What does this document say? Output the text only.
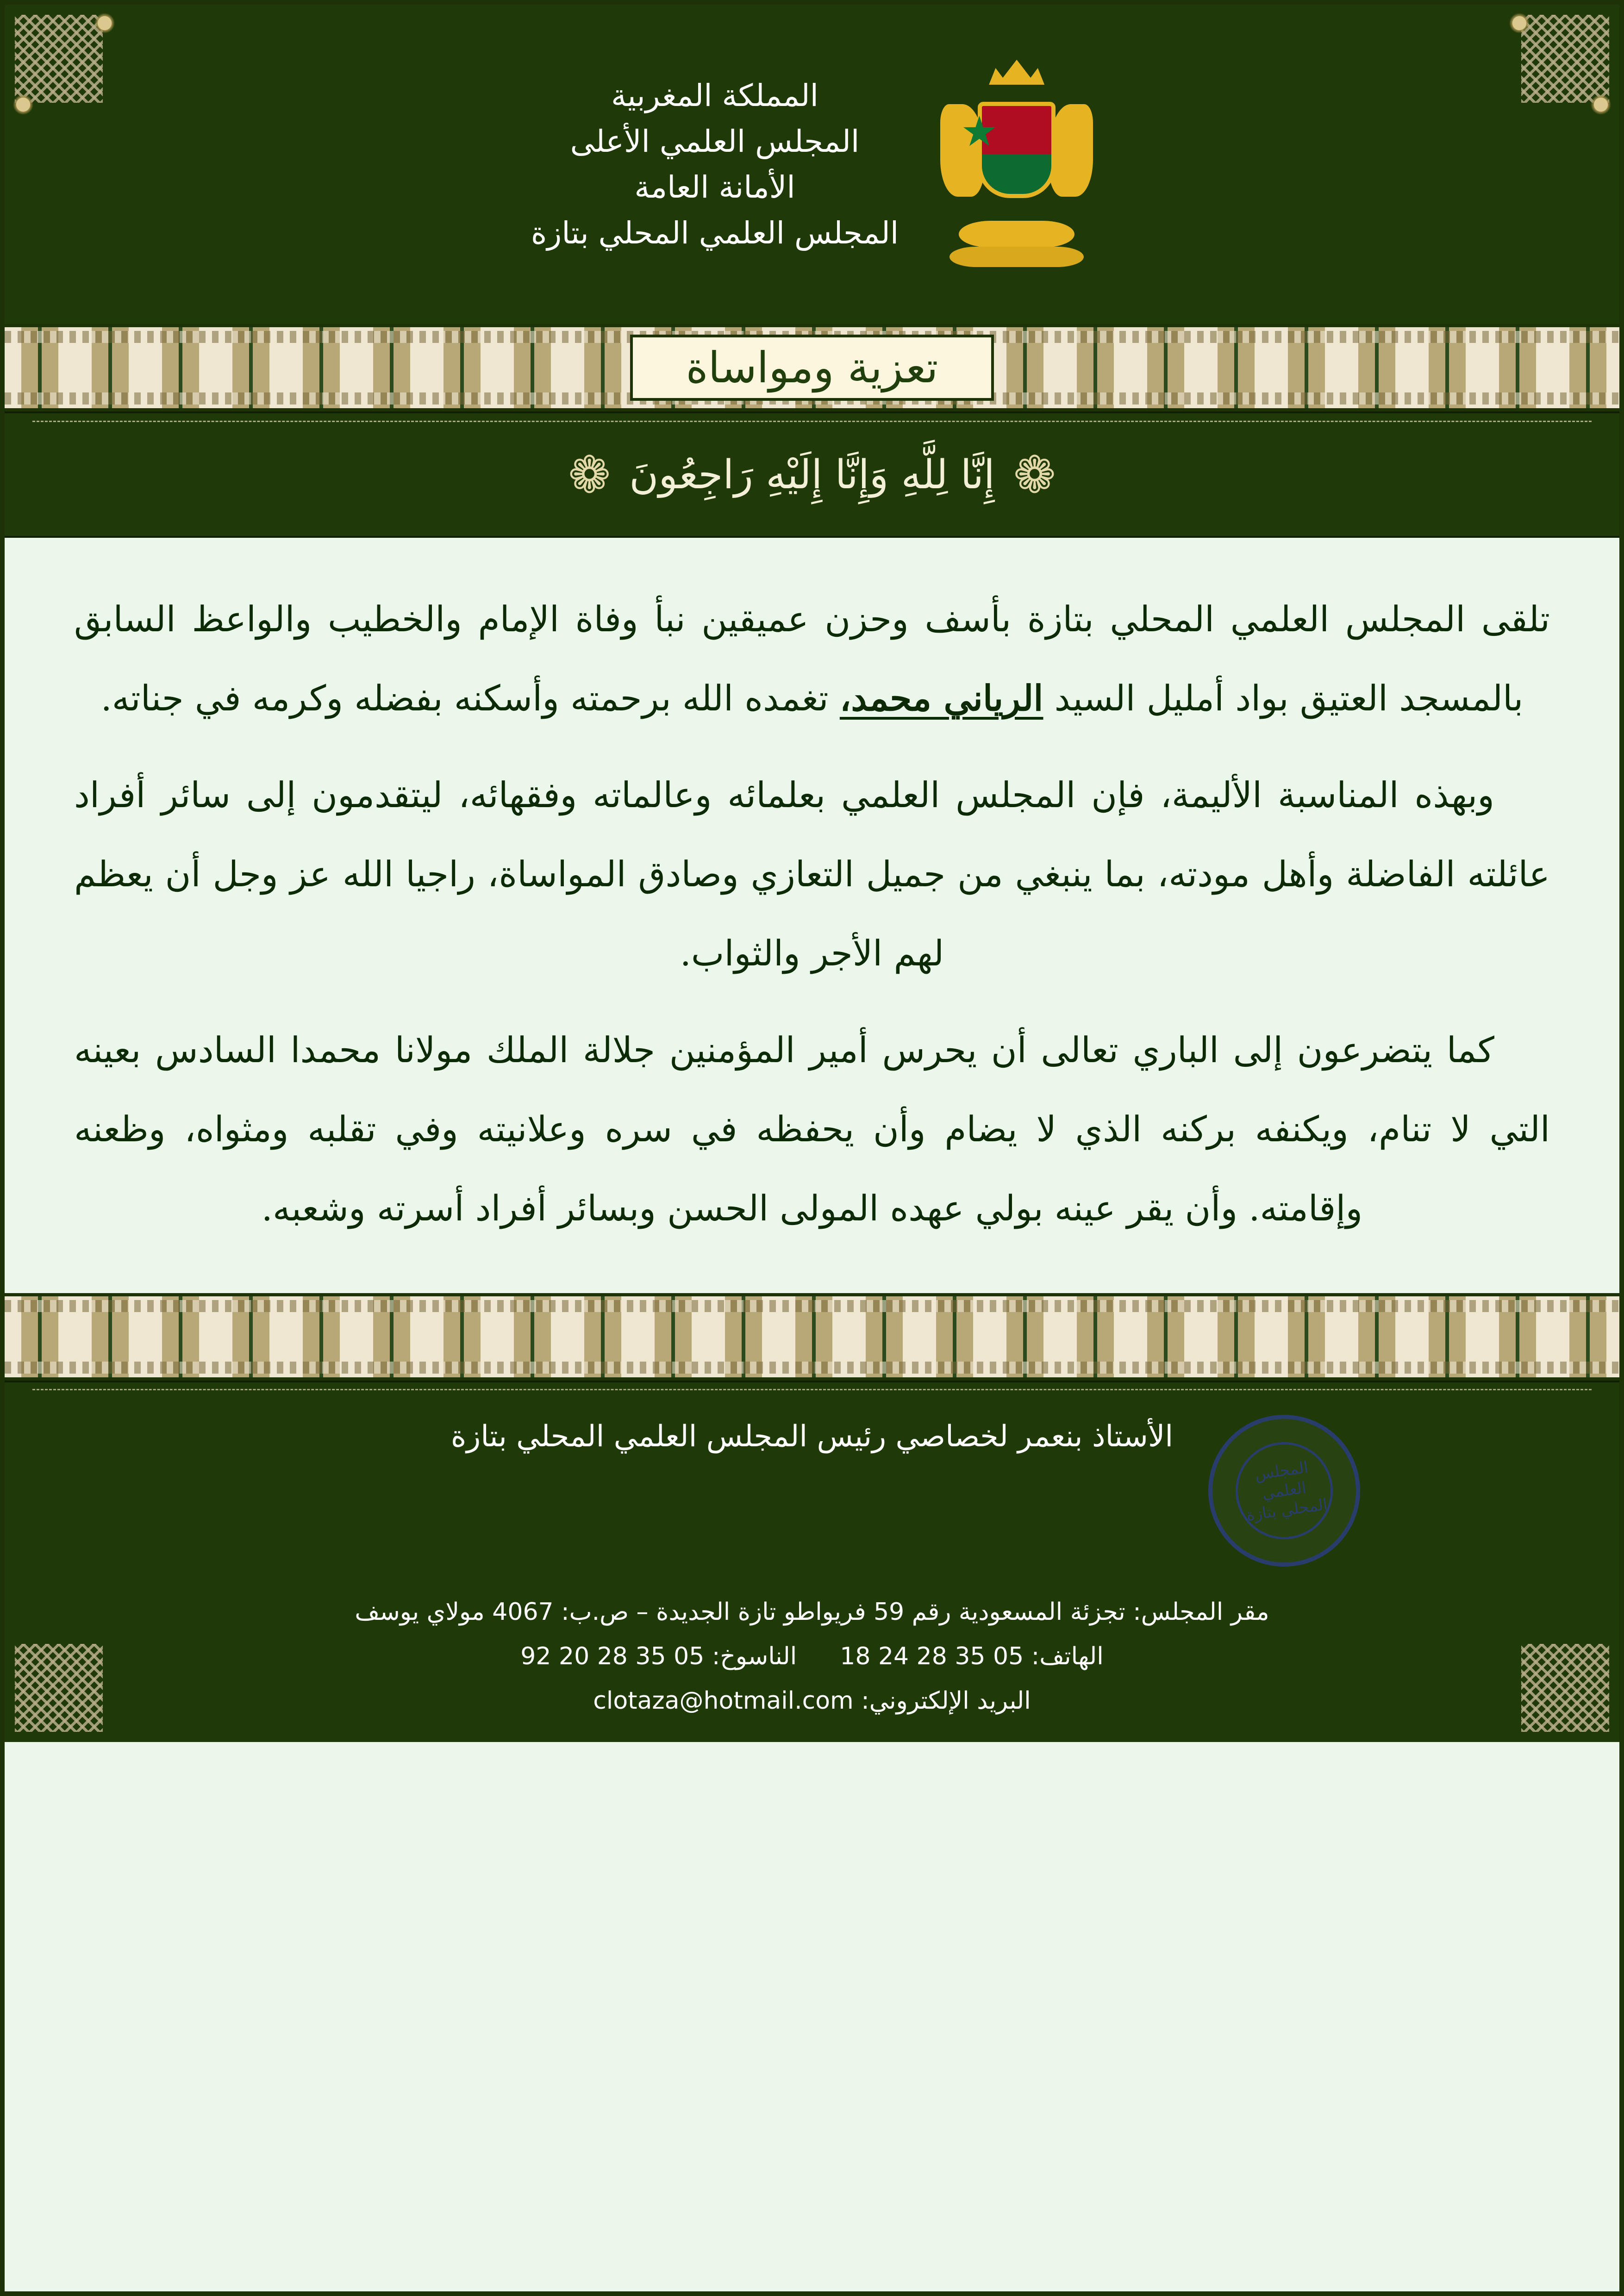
المملكة المغربية
المجلس العلمي الأعلى
الأمانة العامة
المجلس العلمي المحلي بتازة
تعزية ومواساة
❁
إِنَّا لِلَّهِ وَإِنَّا إِلَيْهِ رَاجِعُونَ
❁

تلقى المجلس العلمي المحلي بتازة بأسف وحزن عميقين نبأ وفاة الإمام والخطيب والواعظ السابق بالمسجد العتيق بواد أمليل السيد الرياني محمد، تغمده الله برحمته وأسكنه بفضله وكرمه في جناته.

وبهذه المناسبة الأليمة، فإن المجلس العلمي بعلمائه وعالماته وفقهائه، ليتقدمون إلى سائر أفراد عائلته الفاضلة وأهل مودته، بما ينبغي من جميل التعازي وصادق المواساة، راجيا الله عز وجل أن يعظم لهم الأجر والثواب.

كما يتضرعون إلى الباري تعالى أن يحرس أمير المؤمنين جلالة الملك مولانا محمدا السادس بعينه التي لا تنام، ويكنفه بركنه الذي لا يضام وأن يحفظه في سره وعلانيته وفي تقلبه ومثواه، وظعنه وإقامته. وأن يقر عينه بولي عهده المولى الحسن وبسائر أفراد أسرته وشعبه.

الأستاذ بنعمر لخصاصي رئيس المجلس العلمي المحلي بتازة
المجلس العلمي المحلي بتازة
مقر المجلس: تجزئة المسعودية رقم 59 فريواطو تازة الجديدة – ص.ب: 4067 مولاي يوسف
الهاتف: 05 35 28 24 18  الناسوخ: 05 35 28 20 92
البريد الإلكتروني: clotaza@hotmail.com
